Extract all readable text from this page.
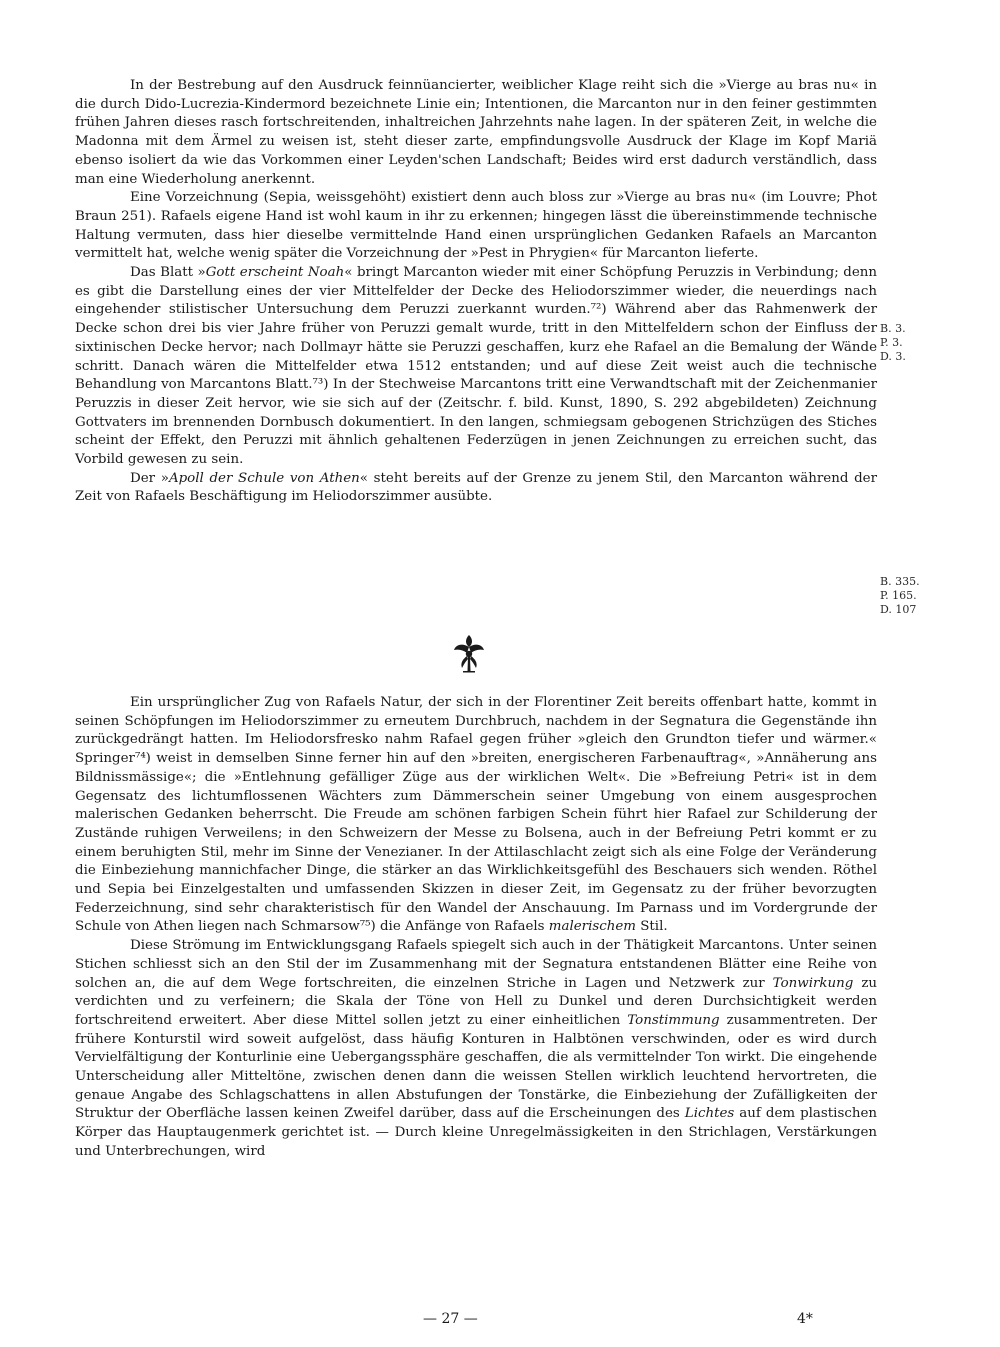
In der Bestrebung auf den Ausdruck feinnüancierter, weiblicher Klage reiht sich die »Vierge au bras nu« in die durch Dido-Lucrezia-Kindermord bezeichnete Linie ein; Intentionen, die Marcanton nur in den feiner gestimmten frühen Jahren dieses rasch fortschreitenden, inhaltreichen Jahrzehnts nahe lagen. In der späteren Zeit, in welche die Madonna mit dem Ärmel zu weisen ist, steht dieser zarte, empfindungsvolle Ausdruck der Klage im Kopf Mariä ebenso isoliert da wie das Vorkommen einer Leyden'schen Landschaft; Beides wird erst dadurch verständlich, dass man eine Wiederholung anerkennt.

Eine Vorzeichnung (Sepia, weissgehöht) existiert denn auch bloss zur »Vierge au bras nu« (im Louvre; Phot Braun 251). Rafaels eigene Hand ist wohl kaum in ihr zu erkennen; hingegen lässt die übereinstimmende technische Haltung vermuten, dass hier dieselbe vermittelnde Hand einen ursprünglichen Gedanken Rafaels an Marcanton vermittelt hat, welche wenig später die Vorzeichnung der »Pest in Phrygien« für Marcanton lieferte.

Das Blatt »Gott erscheint Noah« bringt Marcanton wieder mit einer Schöpfung Peruzzis in Verbindung; denn es gibt die Darstellung eines der vier Mittelfelder der Decke des Heliodorszimmer wieder, die neuerdings nach eingehender stilistischer Untersuchung dem Peruzzi zuerkannt wurden.⁷²) Während aber das Rahmenwerk der Decke schon drei bis vier Jahre früher von Peruzzi gemalt wurde, tritt in den Mittelfeldern schon der Einfluss der sixtinischen Decke hervor; nach Dollmayr hätte sie Peruzzi geschaffen, kurz ehe Rafael an die Bemalung der Wände schritt. Danach wären die Mittelfelder etwa 1512 entstanden; und auf diese Zeit weist auch die technische Behandlung von Marcantons Blatt.⁷³) In der Stechweise Marcantons tritt eine Verwandtschaft mit der Zeichenmanier Peruzzis in dieser Zeit hervor, wie sie sich auf der (Zeitschr. f. bild. Kunst, 1890, S. 292 abgebildeten) Zeichnung Gottvaters im brennenden Dornbusch dokumentiert. In den langen, schmiegsam gebogenen Strichzügen des Stiches scheint der Effekt, den Peruzzi mit ähnlich gehaltenen Federzügen in jenen Zeichnungen zu erreichen sucht, das Vorbild gewesen zu sein.

Der »Apoll der Schule von Athen« steht bereits auf der Grenze zu jenem Stil, den Marcanton während der Zeit von Rafaels Beschäftigung im Heliodorszimmer ausübte.

B. 3.
P. 3.
D. 3.
B. 335.
P. 165.
D. 107

Ein ursprünglicher Zug von Rafaels Natur, der sich in der Florentiner Zeit bereits offenbart hatte, kommt in seinen Schöpfungen im Heliodorszimmer zu erneutem Durchbruch, nachdem in der Segnatura die Gegenstände ihn zurückgedrängt hatten. Im Heliodorsfresko nahm Rafael gegen früher »gleich den Grundton tiefer und wärmer.« Springer⁷⁴) weist in demselben Sinne ferner hin auf den »breiten, energischeren Farbenauftrag«, »Annäherung ans Bildnissmässige«; die »Entlehnung gefälliger Züge aus der wirklichen Welt«. Die »Befreiung Petri« ist in dem Gegensatz des lichtumflossenen Wächters zum Dämmerschein seiner Umgebung von einem ausgesprochen malerischen Gedanken beherrscht. Die Freude am schönen farbigen Schein führt hier Rafael zur Schilderung der Zustände ruhigen Verweilens; in den Schweizern der Messe zu Bolsena, auch in der Befreiung Petri kommt er zu einem beruhigten Stil, mehr im Sinne der Venezianer. In der Attilaschlacht zeigt sich als eine Folge der Veränderung die Einbeziehung mannichfacher Dinge, die stärker an das Wirklichkeitsgefühl des Beschauers sich wenden. Röthel und Sepia bei Einzelgestalten und umfassenden Skizzen in dieser Zeit, im Gegensatz zu der früher bevorzugten Federzeichnung, sind sehr charakteristisch für den Wandel der Anschauung. Im Parnass und im Vordergrunde der Schule von Athen liegen nach Schmarsow⁷⁵) die Anfänge von Rafaels malerischem Stil.

Diese Strömung im Entwicklungsgang Rafaels spiegelt sich auch in der Thätigkeit Marcantons. Unter seinen Stichen schliesst sich an den Stil der im Zusammenhang mit der Segnatura entstandenen Blätter eine Reihe von solchen an, die auf dem Wege fortschreiten, die einzelnen Striche in Lagen und Netzwerk zur Tonwirkung zu verdichten und zu verfeinern; die Skala der Töne von Hell zu Dunkel und deren Durchsichtigkeit werden fortschreitend erweitert. Aber diese Mittel sollen jetzt zu einer einheitlichen Tonstimmung zusammentreten. Der frühere Konturstil wird soweit aufgelöst, dass häufig Konturen in Halbtönen verschwinden, oder es wird durch Vervielfältigung der Konturlinie eine Uebergangssphäre geschaffen, die als vermittelnder Ton wirkt. Die eingehende Unterscheidung aller Mitteltöne, zwischen denen dann die weissen Stellen wirklich leuchtend hervortreten, die genaue Angabe des Schlagschattens in allen Abstufungen der Tonstärke, die Einbeziehung der Zufälligkeiten der Struktur der Oberfläche lassen keinen Zweifel darüber, dass auf die Erscheinungen des Lichtes auf dem plastischen Körper das Hauptaugenmerk gerichtet ist. — Durch kleine Unregelmässigkeiten in den Strichlagen, Verstärkungen und Unterbrechungen, wird

— 27 —	4*
